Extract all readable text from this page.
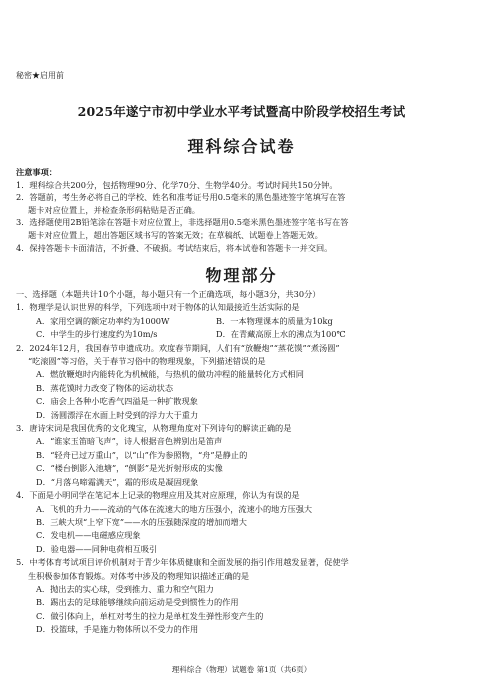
秘密★启用前
2025年遂宁市初中学业水平考试暨高中阶段学校招生考试
理科综合试卷
注意事项：
1．理科综合共200分，包括物理90分、化学70分、生物学40分。考试时间共150分钟。
2．答题前，考生务必将自己的学校、姓名和准考证号用0.5毫米的黑色墨迹签字笔填写在答
题卡对应位置上，并检查条形码粘贴是否正确。
3．选择题使用2B铅笔涂在答题卡对应位置上，非选择题用0.5毫米黑色墨迹签字笔书写在答
题卡对应位置上，超出答题区域书写的答案无效；在草稿纸、试题卷上答题无效。
4．保持答题卡卡面清洁，不折叠、不破损。考试结束后，将本试卷和答题卡一并交回。
物理部分
一、选择题（本题共计10个小题，每小题只有一个正确选项，每小题3分，共30分）
1．物理学是认识世界的科学，下列选项中对于物体的认知最接近生活实际的是
A．家用空调的额定功率约为1000W	B．一本物理课本的质量为10kg
C．中学生的步行速度约为10m/s	D．在青藏高原上水的沸点为100℃
2．2024年12月，我国春节申遗成功。欢度春节期间，人们有“放鞭炮”“蒸花馍”“煮汤圆”
“吃滚圆”等习俗，关于春节习俗中的物理现象，下列描述错误的是
A．燃放鞭炮时内能转化为机械能，与热机的做功冲程的能量转化方式相同
B．蒸花馍时力改变了物体的运动状态
C．庙会上各种小吃香气四溢是一种扩散现象
D．汤圆漂浮在水面上时受到的浮力大于重力
3．唐诗宋词是我国优秀的文化瑰宝，从物理角度对下列诗句的解读正确的是
A．“谁家玉笛暗飞声”，诗人根据音色辨别出是笛声
B．“轻舟已过万重山”，以“山”作为参照物，“舟”是静止的
C．“楼台倒影入池塘”，“倒影”是光折射形成的实像
D．“月落乌啼霜满天”，霜的形成是凝固现象
4．下面是小明同学在笔记本上记录的物理应用及其对应原理，你认为有误的是
A．飞机的升力——流动的气体在流速大的地方压强小，流速小的地方压强大
B．三峡大坝“上窄下宽”——水的压强随深度的增加而增大
C．发电机——电磁感应现象
D．验电器——同种电荷相互吸引
5．中考体育考试项目评价机制对于青少年体质健康和全面发展的指引作用越发显著，促使学
生积极参加体育锻炼。对体考中涉及的物理知识描述正确的是
A．抛出去的实心球，受到推力、重力和空气阻力
B．踢出去的足球能够继续向前运动是受到惯性力的作用
C．做引体向上，单杠对考生的拉力是单杠发生弹性形变产生的
D．投篮球，手是施力物体所以不受力的作用
理科综合（物理）试题卷 第1页（共6页）
